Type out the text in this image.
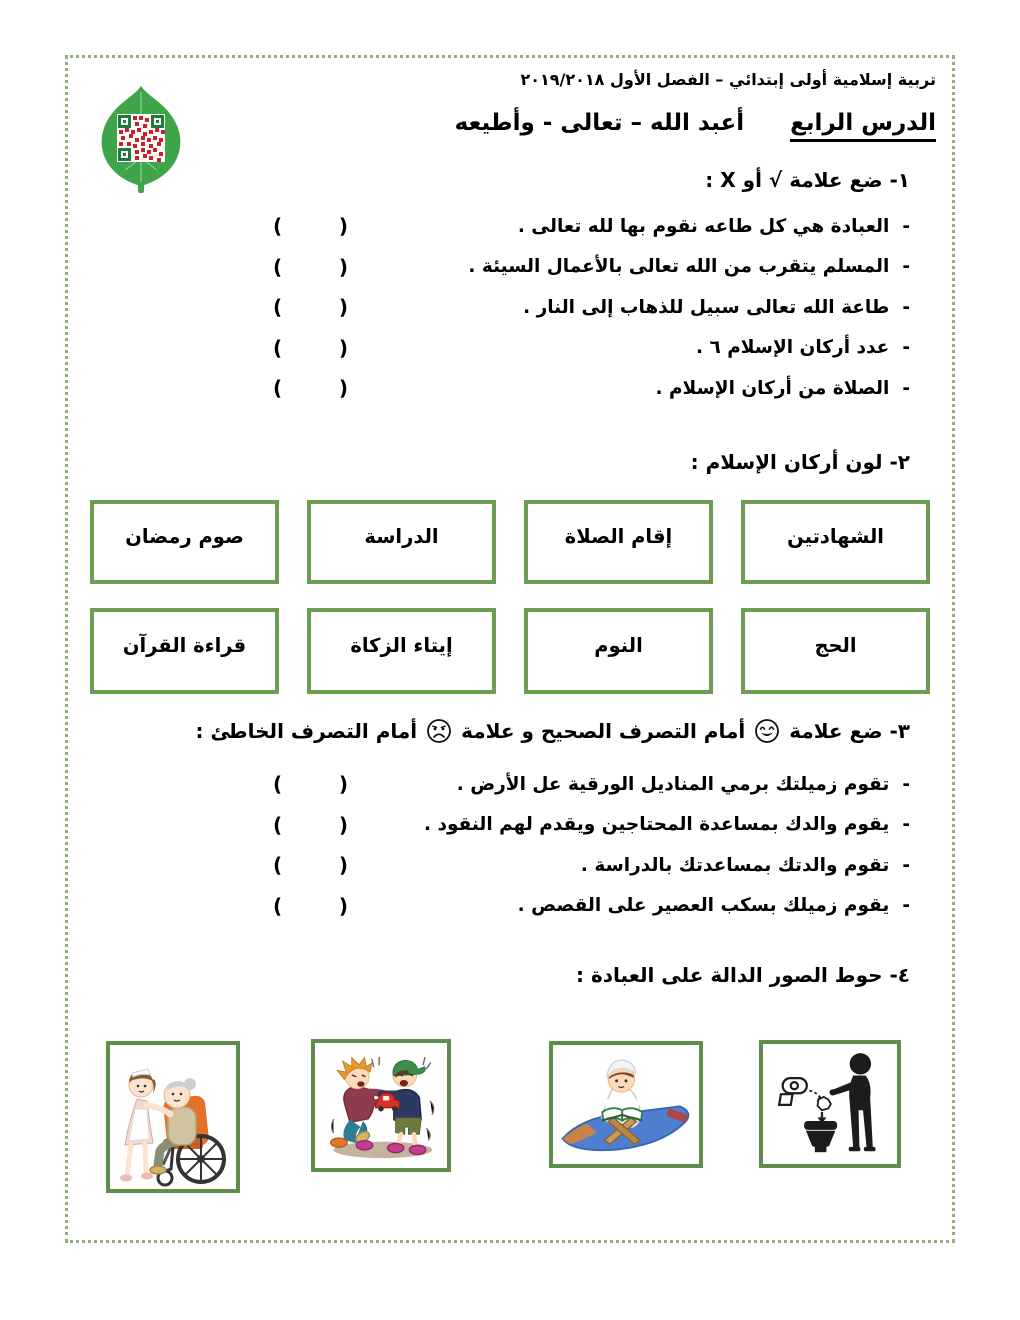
تربية إسلامية أولى إبتدائي – الفصل الأول ٢٠١٩/٢٠١٨
الدرس الرابع
أعبد الله – تعالى - وأطيعه
١- ضع علامة √ أو X :
-
العبادة هي كل طاعه نقوم بها لله تعالى .
(       )
-
المسلم يتقرب من الله تعالى بالأعمال السيئة .
(       )
-
طاعة الله تعالى سبيل للذهاب إلى النار .
(       )
-
عدد أركان الإسلام ٦ .
(       )
-
الصلاة من أركان الإسلام .
(       )
٢- لون أركان الإسلام :
الشهادتين
إقام الصلاة
الدراسة
صوم رمضان
الحج
النوم
إيتاء الزكاة
قراءة القرآن
٣- ضع علامة
أمام التصرف الصحيح و علامة
أمام التصرف الخاطئ :
-
تقوم زميلتك برمي المناديل الورقية عل الأرض .
(       )
-
يقوم والدك بمساعدة المحتاجين ويقدم لهم النقود .
(       )
-
تقوم والدتك بمساعدتك بالدراسة .
(       )
-
يقوم زميلك بسكب العصير على القصص .
(       )
٤- حوط الصور الدالة على العبادة :
